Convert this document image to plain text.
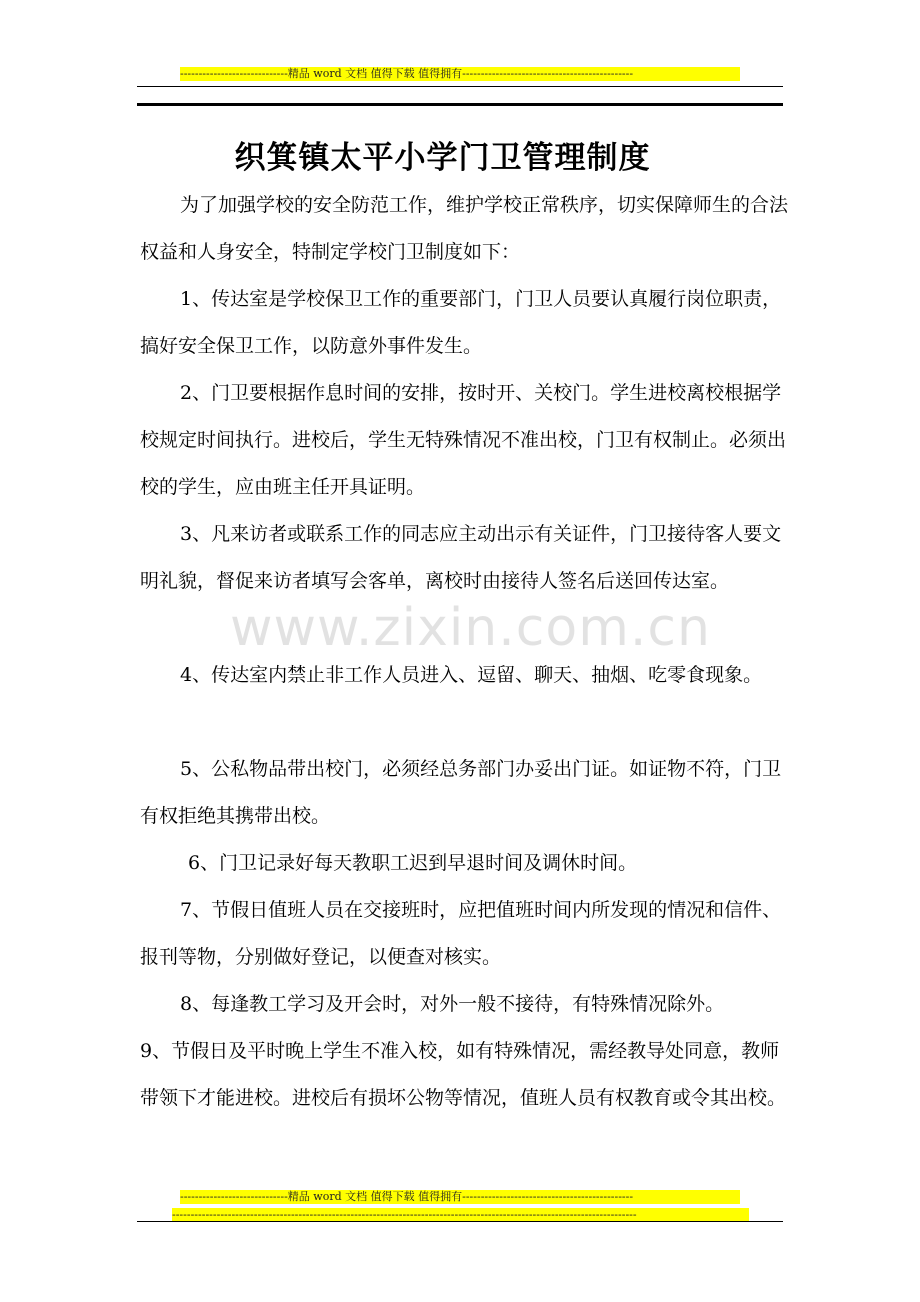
-----------------------------精品 word 文档 值得下载 值得拥有----------------------------------------------
织箕镇太平小学门卫管理制度

为了加强学校的安全防范工作，维护学校正常秩序，切实保障师生的合法权益和人身安全，特制定学校门卫制度如下：

1、传达室是学校保卫工作的重要部门，门卫人员要认真履行岗位职责，搞好安全保卫工作，以防意外事件发生。

2、门卫要根据作息时间的安排，按时开、关校门。学生进校离校根据学校规定时间执行。进校后，学生无特殊情况不准出校，门卫有权制止。必须出校的学生，应由班主任开具证明。

3、凡来访者或联系工作的同志应主动出示有关证件，门卫接待客人要文明礼貌，督促来访者填写会客单，离校时由接待人签名后送回传达室。

4、传达室内禁止非工作人员进入、逗留、聊天、抽烟、吃零食现象。

5、公私物品带出校门，必须经总务部门办妥出门证。如证物不符，门卫有权拒绝其携带出校。

6、门卫记录好每天教职工迟到早退时间及调休时间。

7、节假日值班人员在交接班时，应把值班时间内所发现的情况和信件、报刊等物，分别做好登记，以便查对核实。

8、每逢教工学习及开会时，对外一般不接待，有特殊情况除外。

9、节假日及平时晚上学生不准入校，如有特殊情况，需经教导处同意，教师带领下才能进校。进校后有损坏公物等情况，值班人员有权教育或令其出校。

www.zixin.com.cn
-----------------------------精品 word 文档 值得下载 值得拥有----------------------------------------------
-----------------------------------------------------------------------------------------------------------------------------
